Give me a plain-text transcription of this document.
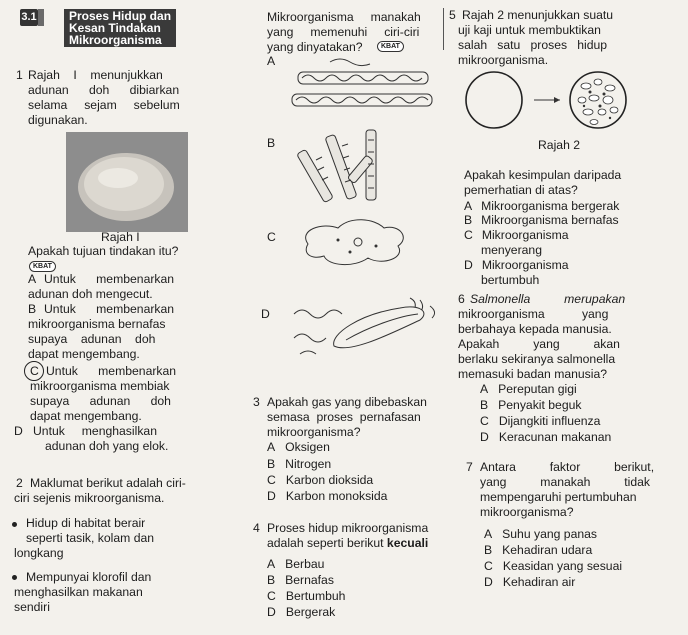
3.1	Proses Hidup dan
Kesan Tindakan
Mikroorganisma
1 Rajah    I    menunjukkan
adunan      doh      dibiarkan
selama     sejam     sebelum
digunakan.
Rajah I
Apakah tujuan tindakan itu?
KBAT
A Untuk      membenarkan
adunan doh mengecut.
B Untuk      membenarkan
mikroorganisma bernafas
supaya    adunan    doh
dapat mengembang.
C Untuk      membenarkan
mikroorganisma membiak
supaya      adunan      doh
dapat mengembang.
D Untuk     menghasilkan
adunan doh yang elok.
2 Maklumat berikut adalah ciri-
ciri sejenis mikroorganisma.
Hidup di habitat berair
seperti tasik, kolam dan
longkang
Mempunyai klorofil dan
menghasilkan makanan
sendiri
Mikroorganisma     manakah
yang     memenuhi     ciri-ciri
yang dinyatakan?	KBAT
A
B
C
D
3 Apakah gas yang dibebaskan
semasa  proses  pernafasan
mikroorganisma?
A Oksigen
B Nitrogen
C Karbon dioksida
D Karbon monoksida
4 Proses hidup mikroorganisma
adalah seperti berikut kecuali
A Berbau
B Bernafas
C Bertumbuh
D Bergerak
5 Rajah 2 menunjukkan suatu
uji kaji untuk membuktikan
salah   satu   proses   hidup
mikroorganisma.
Rajah 2
Apakah kesimpulan daripada
pemerhatian di atas?
A Mikroorganisma bergerak
B Mikroorganisma bernafas
C Mikroorganisma
menyerang
D Mikroorganisma
bertumbuh
6 Salmonella          merupakan
mikroorganisma           yang
berbahaya kepada manusia.
Apakah          yang          akan
berlaku sekiranya salmonella
memasuki badan manusia?
A Pereputan gigi
B Penyakit beguk
C Dijangkiti influenza
D Keracunan makanan
7 Antara          faktor          berikut,
yang          manakah          tidak
mempengaruhi pertumbuhan
mikroorganisma?
A Suhu yang panas
B Kehadiran udara
C Keasidan yang sesuai
D Kehadiran air
